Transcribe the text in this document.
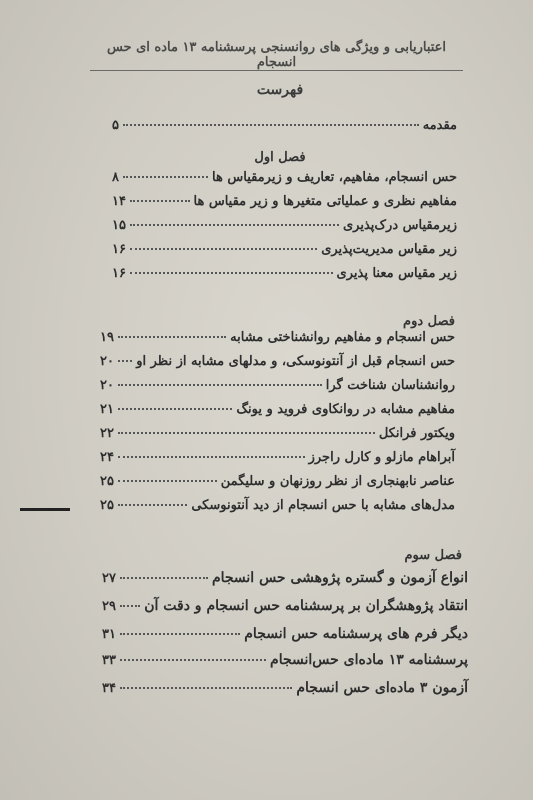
اعتباریابی و ویژگی های روانسنجی پرسشنامه ۱۳ ماده ای حس انسجام
فهرست
مقدمه
۵
فصل اول
حس انسجام، مفاهیم، تعاریف و زیرمقیاس ها
۸
مفاهیم نظری و عملیاتی متغیرها و زیر مقیاس ها
۱۴
زیرمقیاس درک‌پذیری
۱۵
زیر مقیاس مدیریت‌پذیری
۱۶
زیر مقیاس معنا پذیری
۱۶
فصل دوم
حس انسجام و مفاهیم روانشناختی مشابه
۱۹
حس انسجام قبل از آنتونوسکی، و مدلهای مشابه از نظر او
۲۰
روانشناسان شناخت گرا
۲۰
مفاهیم مشابه در روانکاوی فروید و یونگ
۲۱
ویکتور فرانکل
۲۲
آبراهام مازلو و کارل راجرز
۲۴
عناصر نابهنجاری از نظر روزنهان و سلیگمن
۲۵
مدل‌های مشابه با حس انسجام از دید آنتونوسکی
۲۵
فصل سوم
انواع آزمون و گستره پژوهشی حس انسجام
۲۷
انتقاد پژوهشگران بر پرسشنامه حس انسجام و دقت آن
۲۹
دیگر فرم های پرسشنامه حس انسجام
۳۱
پرسشنامه ۱۳ ماده‌ای حس‌انسجام
۳۳
آزمون ۳ ماده‌ای حس انسجام
۳۴
